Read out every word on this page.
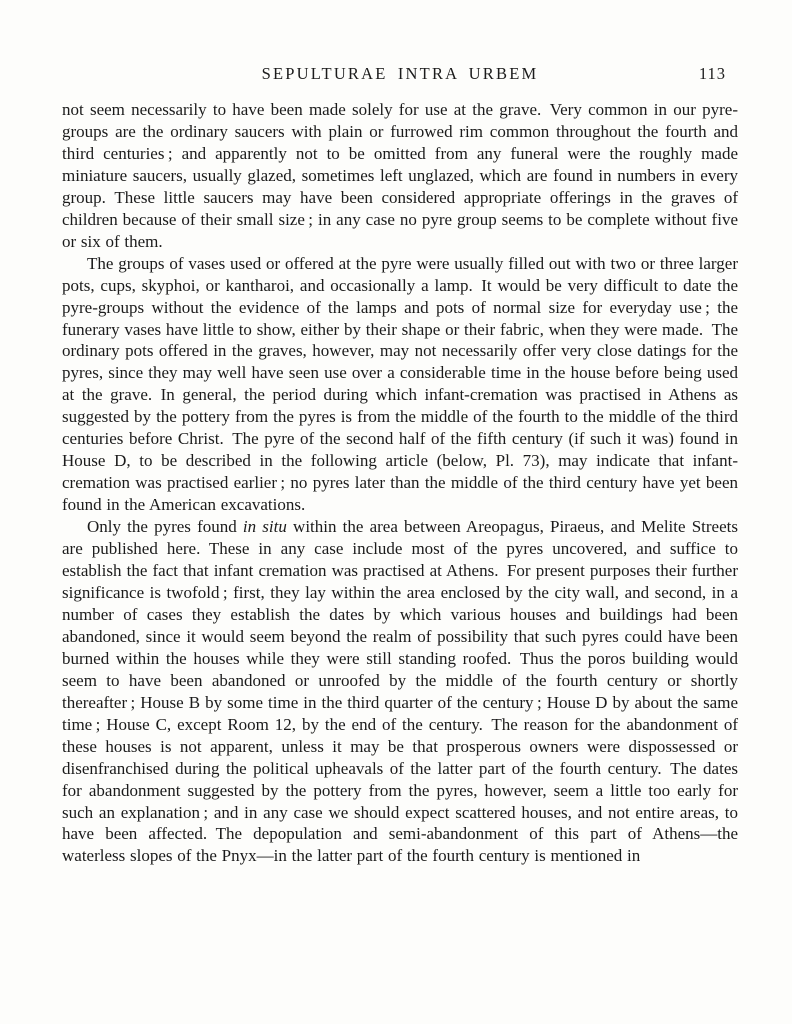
SEPULTURAE INTRA URBEM	113

not seem necessarily to have been made solely for use at the grave. Very common in our pyre-groups are the ordinary saucers with plain or furrowed rim common throughout the fourth and third centuries ; and apparently not to be omitted from any funeral were the roughly made miniature saucers, usually glazed, sometimes left unglazed, which are found in numbers in every group. These little saucers may have been considered appropriate offerings in the graves of children because of their small size ; in any case no pyre group seems to be complete without five or six of them.

The groups of vases used or offered at the pyre were usually filled out with two or three larger pots, cups, skyphoi, or kantharoi, and occasionally a lamp. It would be very difficult to date the pyre-groups without the evidence of the lamps and pots of normal size for everyday use ; the funerary vases have little to show, either by their shape or their fabric, when they were made. The ordinary pots offered in the graves, however, may not necessarily offer very close datings for the pyres, since they may well have seen use over a considerable time in the house before being used at the grave. In general, the period during which infant-cremation was practised in Athens as suggested by the pottery from the pyres is from the middle of the fourth to the middle of the third centuries before Christ. The pyre of the second half of the fifth century (if such it was) found in House D, to be described in the following article (below, Pl. 73), may indicate that infant-cremation was practised earlier ; no pyres later than the middle of the third century have yet been found in the American excavations.

Only the pyres found in situ within the area between Areopagus, Piraeus, and Melite Streets are published here. These in any case include most of the pyres uncovered, and suffice to establish the fact that infant cremation was practised at Athens. For present purposes their further significance is twofold ; first, they lay within the area enclosed by the city wall, and second, in a number of cases they establish the dates by which various houses and buildings had been abandoned, since it would seem beyond the realm of possibility that such pyres could have been burned within the houses while they were still standing roofed. Thus the poros building would seem to have been abandoned or unroofed by the middle of the fourth century or shortly thereafter ; House B by some time in the third quarter of the century ; House D by about the same time ; House C, except Room 12, by the end of the century. The reason for the abandonment of these houses is not apparent, unless it may be that prosperous owners were dispossessed or disenfranchised during the political upheavals of the latter part of the fourth century. The dates for abandonment suggested by the pottery from the pyres, however, seem a little too early for such an explanation ; and in any case we should expect scattered houses, and not entire areas, to have been affected. The depopulation and semi-abandonment of this part of Athens—the waterless slopes of the Pnyx—in the latter part of the fourth century is mentioned in
